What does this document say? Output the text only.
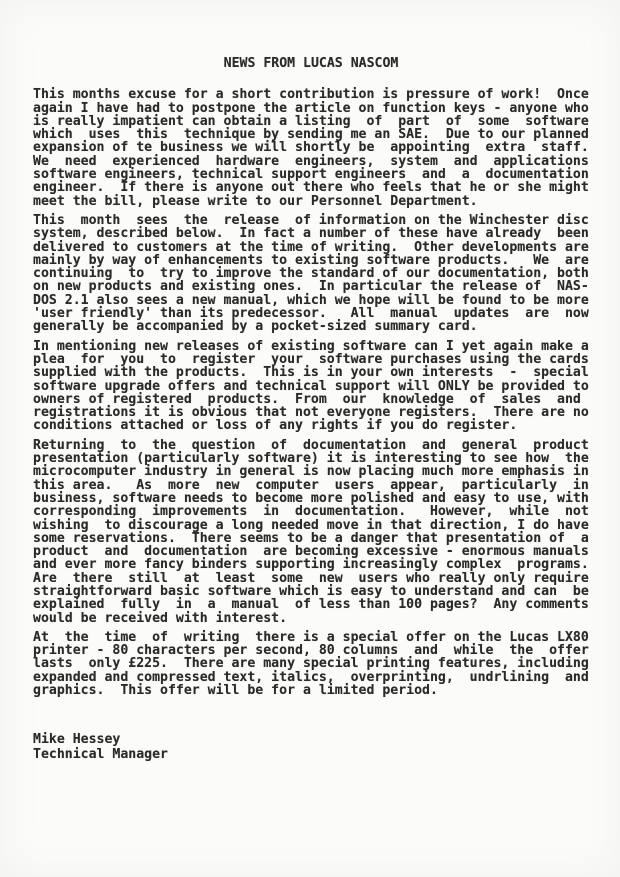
NEWS FROM LUCAS NASCOM
This months excuse for a short contribution is pressure of work!  Once
again I have had to postpone the article on function keys - anyone who
is really impatient can obtain a listing  of  part  of  some  software
which  uses  this  technique by sending me an SAE.  Due to our planned
expansion of te business we will shortly be  appointing  extra  staff.
We  need  experienced  hardware  engineers,  system  and  applications
software engineers, technical support engineers  and  a  documentation
engineer.  If there is anyone out there who feels that he or she might
meet the bill, please write to our Personnel Department.
This  month  sees  the  release  of information on the Winchester disc
system, described below.  In fact a number of these have already  been
delivered to customers at the time of writing.  Other developments are
mainly by way of enhancements to existing software products.   We  are
continuing  to  try to improve the standard of our documentation, both
on new products and existing ones.  In particular the release of  NAS-
DOS 2.1 also sees a new manual, which we hope will be found to be more
'user friendly' than its predecessor.   All  manual  updates  are  now
generally be accompanied by a pocket-sized summary card.
In mentioning new releases of existing software can I yet again make a
plea  for  you  to  register  your  software purchases using the cards
supplied with the products.  This is in your own interests  -  special
software upgrade offers and technical support will ONLY be provided to
owners of registered  products.  From  our  knowledge  of  sales  and
registrations it is obvious that not everyone registers.  There are no
conditions attached or loss of any rights if you do register.
Returning  to  the  question  of  documentation  and  general  product
presentation (particularly software) it is interesting to see how  the
microcomputer industry in general is now placing much more emphasis in
this area.   As  more  new  computer  users  appear,  particularly  in
business, software needs to become more polished and easy to use, with
corresponding  improvements  in  documentation.   However,  while  not
wishing  to discourage a long needed move in that direction, I do have
some reservations.  There seems to be a danger that presentation of  a
product  and  documentation  are becoming excessive - enormous manuals
and ever more fancy binders supporting increasingly complex  programs.
Are  there  still  at  least  some  new  users who really only require
straightforward basic software which is easy to understand and can  be
explained  fully  in  a  manual  of less than 100 pages?  Any comments
would be received with interest.
At  the  time  of  writing  there is a special offer on the Lucas LX80
printer - 80 characters per second, 80 columns  and  while  the  offer
lasts  only £225.  There are many special printing features, including
expanded and compressed text, italics,  overprinting,  undrlining  and
graphics.  This offer will be for a limited period.
Mike Hessey
Technical Manager
